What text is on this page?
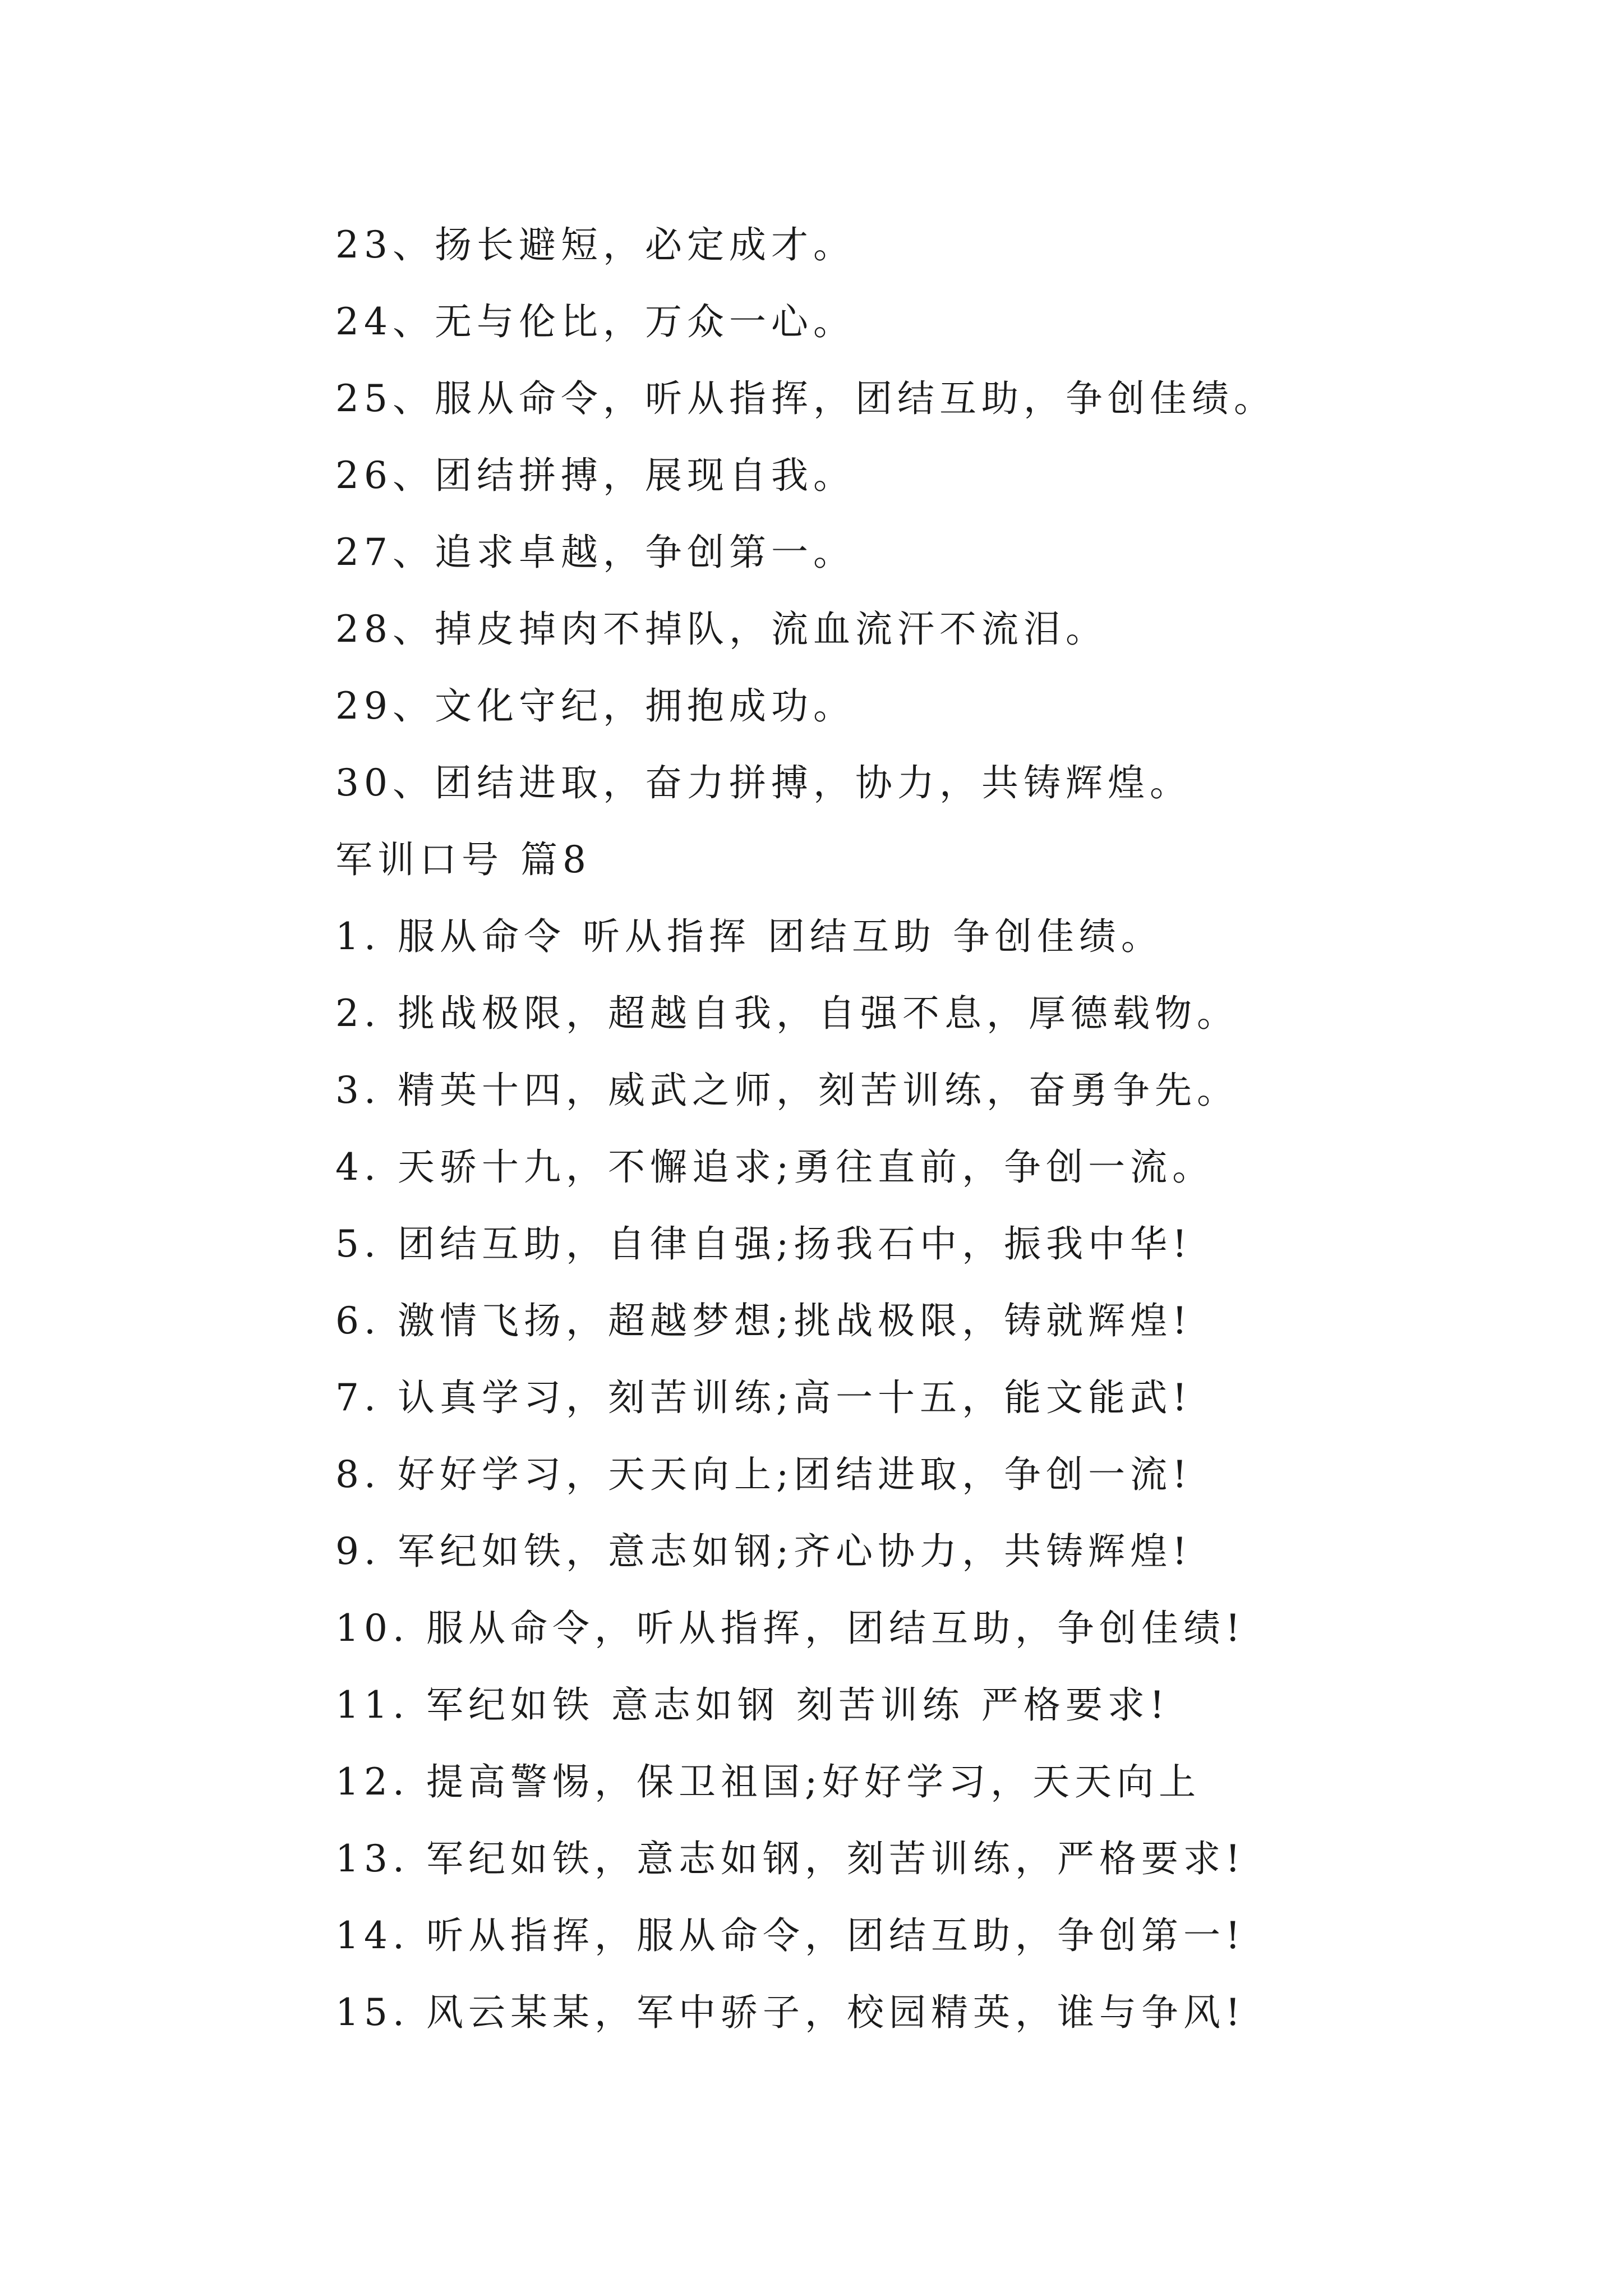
23、扬长避短，必定成才。
24、无与伦比，万众一心。
25、服从命令，听从指挥，团结互助，争创佳绩。
26、团结拼搏，展现自我。
27、追求卓越，争创第一。
28、掉皮掉肉不掉队，流血流汗不流泪。
29、文化守纪，拥抱成功。
30、团结进取，奋力拼搏，协力，共铸辉煌。
军训口号 篇8
1. 服从命令 听从指挥 团结互助 争创佳绩。
2. 挑战极限，超越自我，自强不息，厚德载物。
3. 精英十四，威武之师，刻苦训练，奋勇争先。
4. 天骄十九，不懈追求;勇往直前，争创一流。
5. 团结互助，自律自强;扬我石中，振我中华!
6. 激情飞扬，超越梦想;挑战极限，铸就辉煌!
7. 认真学习，刻苦训练;高一十五，能文能武!
8. 好好学习，天天向上;团结进取，争创一流!
9. 军纪如铁，意志如钢;齐心协力，共铸辉煌!
10. 服从命令，听从指挥，团结互助，争创佳绩!
11. 军纪如铁 意志如钢 刻苦训练 严格要求!
12. 提高警惕，保卫祖国;好好学习，天天向上
13. 军纪如铁，意志如钢，刻苦训练，严格要求!
14. 听从指挥，服从命令，团结互助，争创第一!
15. 风云某某，军中骄子，校园精英，谁与争风!
